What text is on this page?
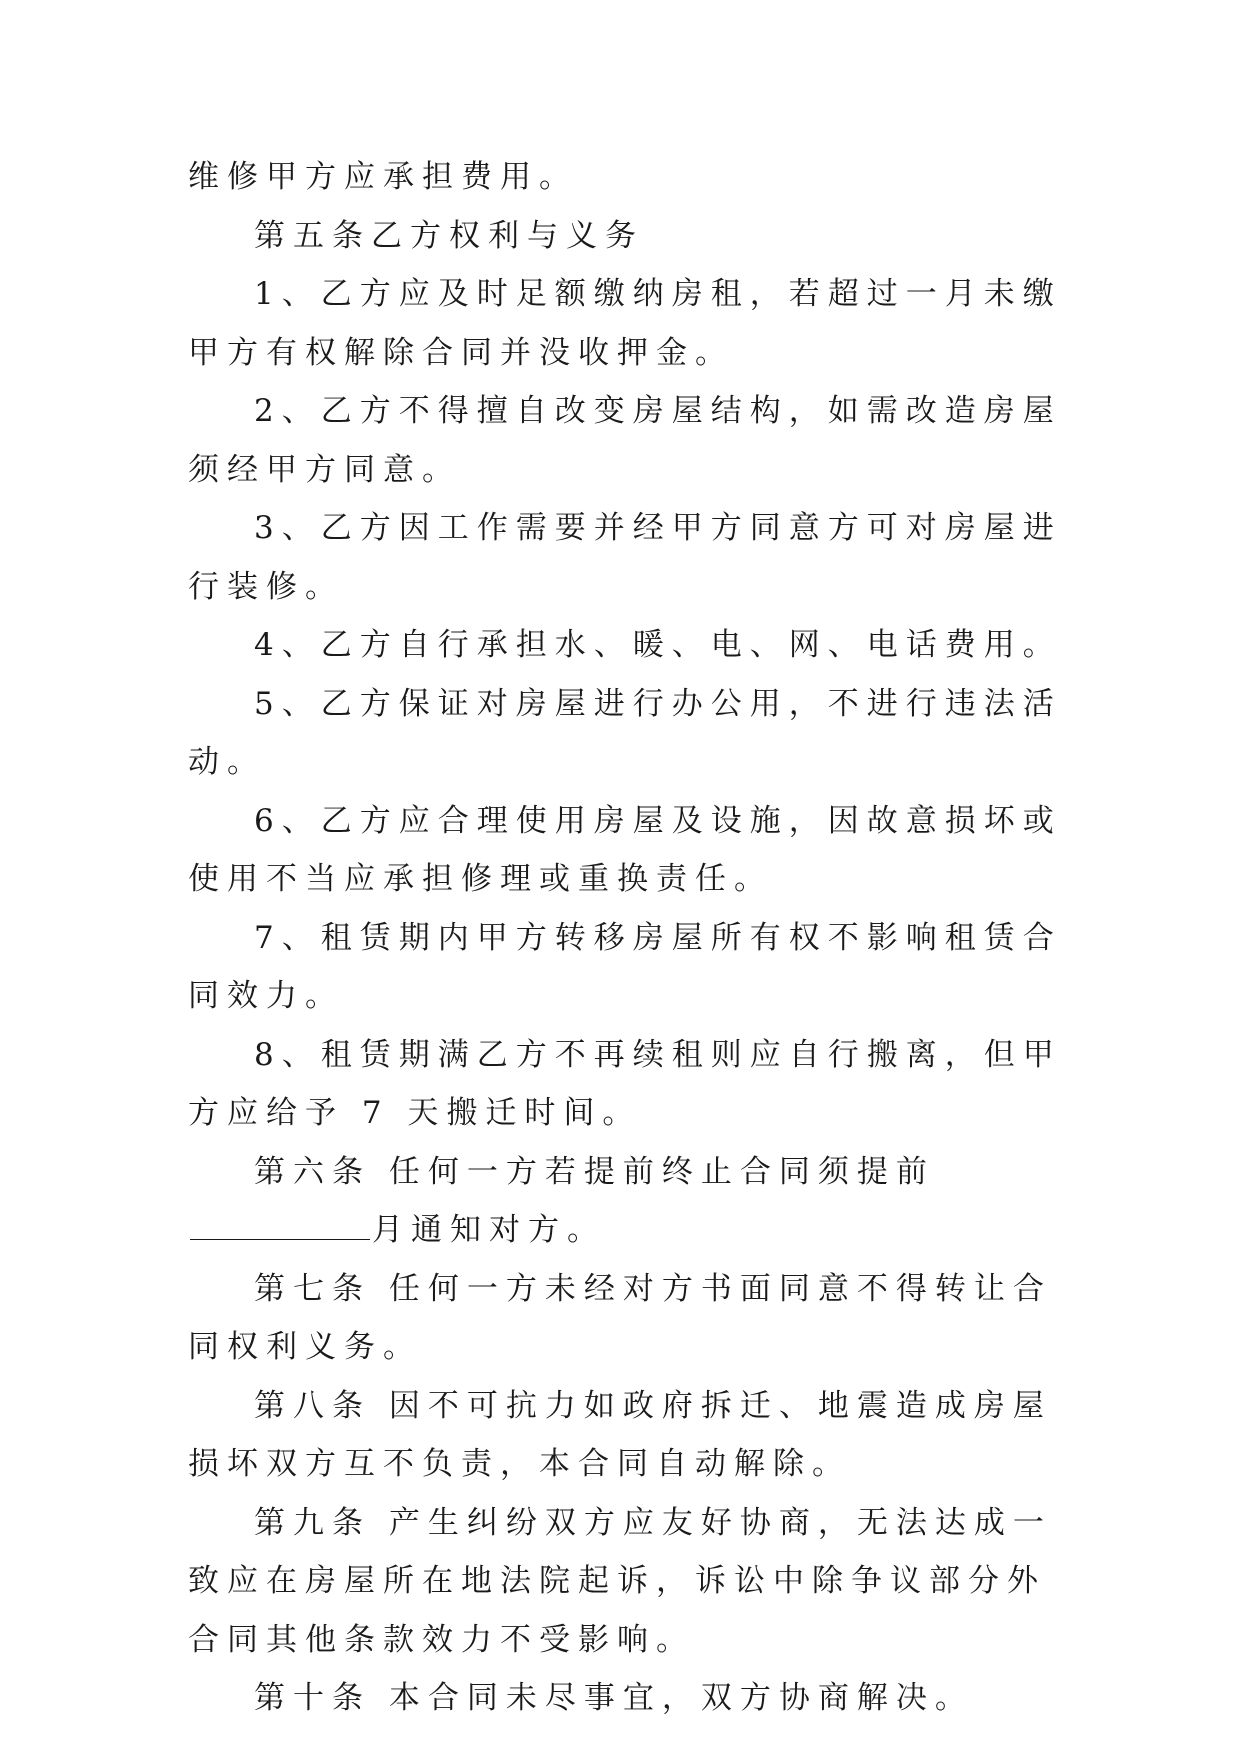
维修甲方应承担费用。

第五条乙方权利与义务

1、乙方应及时足额缴纳房租，若超过一月未缴甲方有权解除合同并没收押金。

2、乙方不得擅自改变房屋结构，如需改造房屋须经甲方同意。

3、乙方因工作需要并经甲方同意方可对房屋进行装修。

4、乙方自行承担水、暖、电、网、电话费用。

5、乙方保证对房屋进行办公用，不进行违法活动。

6、乙方应合理使用房屋及设施，因故意损坏或使用不当应承担修理或重换责任。

7、租赁期内甲方转移房屋所有权不影响租赁合同效力。

8、租赁期满乙方不再续租则应自行搬离，但甲方应给予 7 天搬迁时间。

第六条 任何一方若提前终止合同须提前月通知对方。

第七条 任何一方未经对方书面同意不得转让合同权利义务。

第八条 因不可抗力如政府拆迁、地震造成房屋损坏双方互不负责，本合同自动解除。

第九条 产生纠纷双方应友好协商，无法达成一致应在房屋所在地法院起诉，诉讼中除争议部分外合同其他条款效力不受影响。

第十条 本合同未尽事宜，双方协商解决。
